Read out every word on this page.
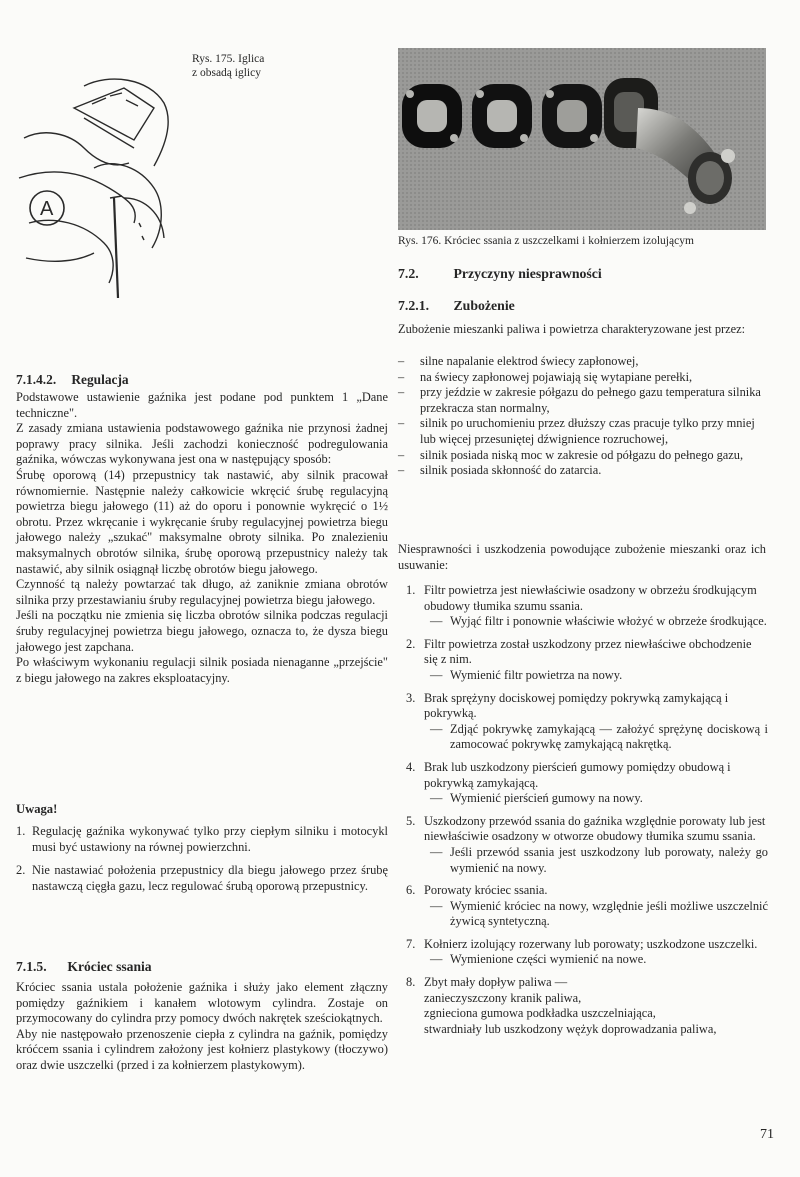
A
Rys. 175. Iglica
z obsadą iglicy
7.1.4.2. Regulacja

Podstawowe ustawienie gaźnika jest podane pod punktem 1 „Dane techniczne".

Z zasady zmiana ustawienia podstawowego gaźnika nie przynosi żadnej poprawy pracy silnika. Jeśli zachodzi konieczność podregulowania gaźnika, wówczas wykonywana jest ona w następujący sposób:

Śrubę oporową (14) przepustnicy tak nastawić, aby silnik pracował równomiernie. Następnie należy całkowicie wkręcić śrubę regulacyjną powietrza biegu jałowego (11) aż do oporu i ponownie wykręcić o 1½ obrotu. Przez wkręcanie i wykręcanie śruby regulacyjnej powietrza biegu jałowego należy „szukać" maksymalne obroty silnika. Po znalezieniu maksymalnych obrotów silnika, śrubę oporową przepustnicy należy tak nastawić, aby silnik osiągnął liczbę obrotów biegu jałowego.

Czynność tą należy powtarzać tak długo, aż zaniknie zmiana obrotów silnika przy przestawianiu śruby regulacyjnej powietrza biegu jałowego.

Jeśli na początku nie zmienia się liczba obrotów silnika podczas regulacji śruby regulacyjnej powietrza biegu jałowego, oznacza to, że dysza biegu jałowego jest zapchana.

Po właściwym wykonaniu regulacji silnik posiada nienaganne „przejście" z biegu jałowego na zakres eksploatacyjny.

Uwaga!
1. Regulację gaźnika wykonywać tylko przy ciepłym silniku i motocykl musi być ustawiony na równej powierzchni.
2. Nie nastawiać położenia przepustnicy dla biegu jałowego przez śrubę nastawczą cięgła gazu, lecz regulować śrubą oporową przepustnicy.
7.1.5. Króciec ssania

Króciec ssania ustala położenie gaźnika i służy jako element złączny pomiędzy gaźnikiem i kanałem wlotowym cylindra. Zostaje on przymocowany do cylindra przy pomocy dwóch nakrętek sześciokątnych.

Aby nie następowało przenoszenie ciepła z cylindra na gaźnik, pomiędzy króćcem ssania i cylindrem założony jest kołnierz plastykowy (tłoczywo) oraz dwie uszczelki (przed i za kołnierzem plastykowym).

Rys. 176. Króciec ssania z uszczelkami i kołnierzem izolującym
7.2.	Przyczyny niesprawności
7.2.1. Zubożenie

Zubożenie mieszanki paliwa i powietrza charakteryzowane jest przez:

–	silne napalanie elektrod świecy zapłonowej,
–	na świecy zapłonowej pojawiają się wytapiane perełki,
–	przy jeździe w zakresie półgazu do pełnego gazu temperatura silnika przekracza stan normalny,
–	silnik po uruchomieniu przez dłuższy czas pracuje tylko przy mniej lub więcej przesuniętej dźwignience rozruchowej,
–	silnik posiada niską moc w zakresie od półgazu do pełnego gazu,
–	silnik posiada skłonność do zatarcia.

Niesprawności i uszkodzenia powodujące zubożenie mieszanki oraz ich usuwanie:

1. Filtr powietrza jest niewłaściwie osadzony w obrzeżu środkującym obudowy tłumika szumu ssania.
— Wyjąć filtr i ponownie właściwie włożyć w obrzeże środkujące.
2. Filtr powietrza został uszkodzony przez niewłaściwe obchodzenie się z nim.
— Wymienić filtr powietrza na nowy.
3. Brak sprężyny dociskowej pomiędzy pokrywką zamykającą i pokrywką.
— Zdjąć pokrywkę zamykającą — założyć sprężynę dociskową i zamocować pokrywkę zamykającą nakrętką.
4. Brak lub uszkodzony pierścień gumowy pomiędzy obudową i pokrywką zamykającą.
— Wymienić pierścień gumowy na nowy.
5. Uszkodzony przewód ssania do gaźnika względnie porowaty lub jest niewłaściwie osadzony w otworze obudowy tłumika szumu ssania.
— Jeśli przewód ssania jest uszkodzony lub porowaty, należy go wymienić na nowy.
6. Porowaty króciec ssania.
— Wymienić króciec na nowy, względnie jeśli możliwe uszczelnić żywicą syntetyczną.
7. Kołnierz izolujący rozerwany lub porowaty; uszkodzone uszczelki.
— Wymienione części wymienić na nowe.
8. Zbyt mały dopływ paliwa —
zanieczyszczony kranik paliwa,
zgnieciona gumowa podkładka uszczelniająca,
stwardniały lub uszkodzony wężyk doprowadzania paliwa,
71
